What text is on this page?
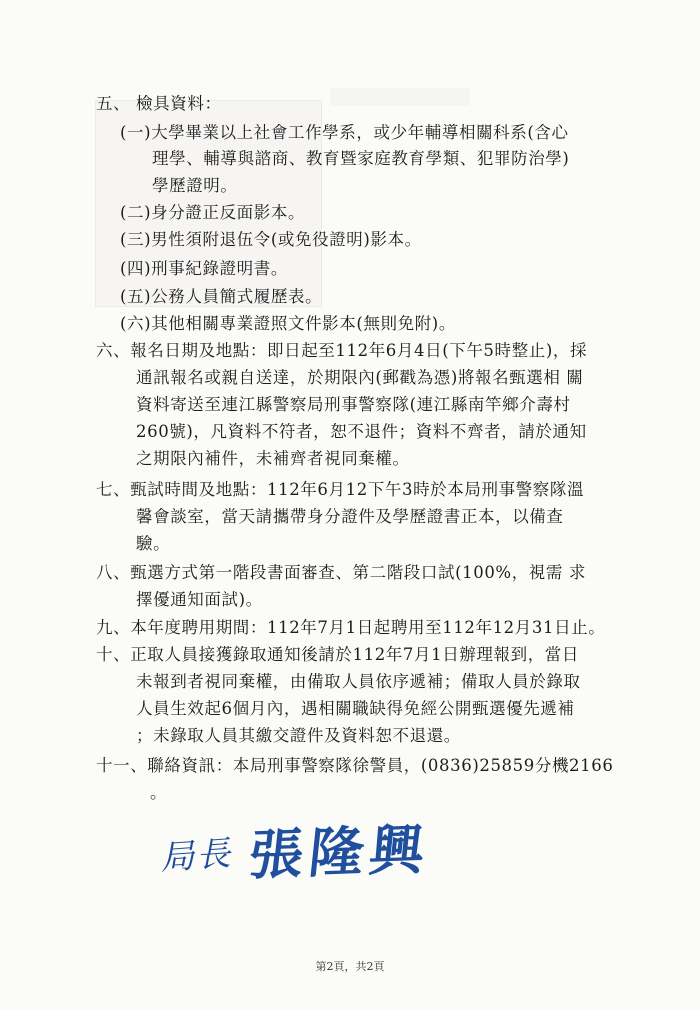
五、 檢具資料：
(一)大學畢業以上社會工作學系，或少年輔導相關科系(含心
理學、輔導與諮商、教育暨家庭教育學類、犯罪防治學)
學歷證明。
(二)身分證正反面影本。
(三)男性須附退伍令(或免役證明)影本。
(四)刑事紀錄證明書。
(五)公務人員簡式履歷表。
(六)其他相關專業證照文件影本(無則免附)。
六、報名日期及地點：即日起至112年6月4日(下午5時整止)，採
通訊報名或親自送達，於期限內(郵戳為憑)將報名甄選相 關
資料寄送至連江縣警察局刑事警察隊(連江縣南竿鄉介壽村
260號)，凡資料不符者，恕不退件；資料不齊者，請於通知
之期限內補件，未補齊者視同棄權。
七、甄試時間及地點：112年6月12下午3時於本局刑事警察隊溫
馨會談室，當天請攜帶身分證件及學歷證書正本，以備查
驗。
八、甄選方式第一階段書面審查、第二階段口試(100%，視需 求
擇優通知面試)。
九、本年度聘用期間：112年7月1日起聘用至112年12月31日止。
十、正取人員接獲錄取通知後請於112年7月1日辦理報到，當日
未報到者視同棄權，由備取人員依序遞補；備取人員於錄取
人員生效起6個月內，遇相關職缺得免經公開甄選優先遞補
；未錄取人員其繳交證件及資料恕不退還。
十一、聯絡資訊：本局刑事警察隊徐警員，(0836)25859分機2166
。
局長 張隆興
第2頁，共2頁
